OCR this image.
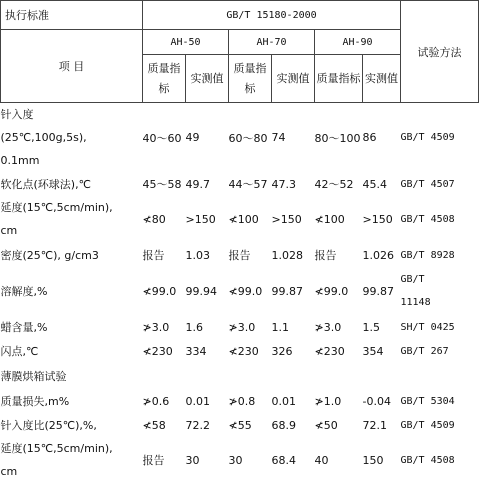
执行标准	GB/T 15180-2000						试验方法
项 目	AH-50		AH-70		AH-90		
	质量指标	实测值	质量指标	实测值	质量指标	实测值	

针入度
(25℃,100g,5s),
0.1mm	40～60	49	60～80	74	80～100	86	GB/T 4509

软化点(环球法),℃	45～58	49.7	44～57	47.3	42～52	45.4	GB/T 4507

延度(15℃,5cm/min),
cm	≮80	>150	≮100	>150	≮100	>150	GB/T 4508

密度(25℃), g/cm3	报告	1.03	报告	1.028	报告	1.026	GB/T 8928

溶解度,%	≮99.0	99.94	≮99.0	99.87	≮99.0	99.87	GB/T
11148

蜡含量,%	≯3.0	1.6	≯3.0	1.1	≯3.0	1.5	SH/T 0425

闪点,℃	≮230	334	≮230	326	≮230	354	GB/T 267

薄膜烘箱试验							

质量损失,m%	≯0.6	0.01	≯0.8	0.01	≯1.0	-0.04	GB/T 5304

针入度比(25℃),%,	≮58	72.2	≮55	68.9	≮50	72.1	GB/T 4509

延度(15℃,5cm/min),
cm	报告	30	30	68.4	40	150	GB/T 4508
